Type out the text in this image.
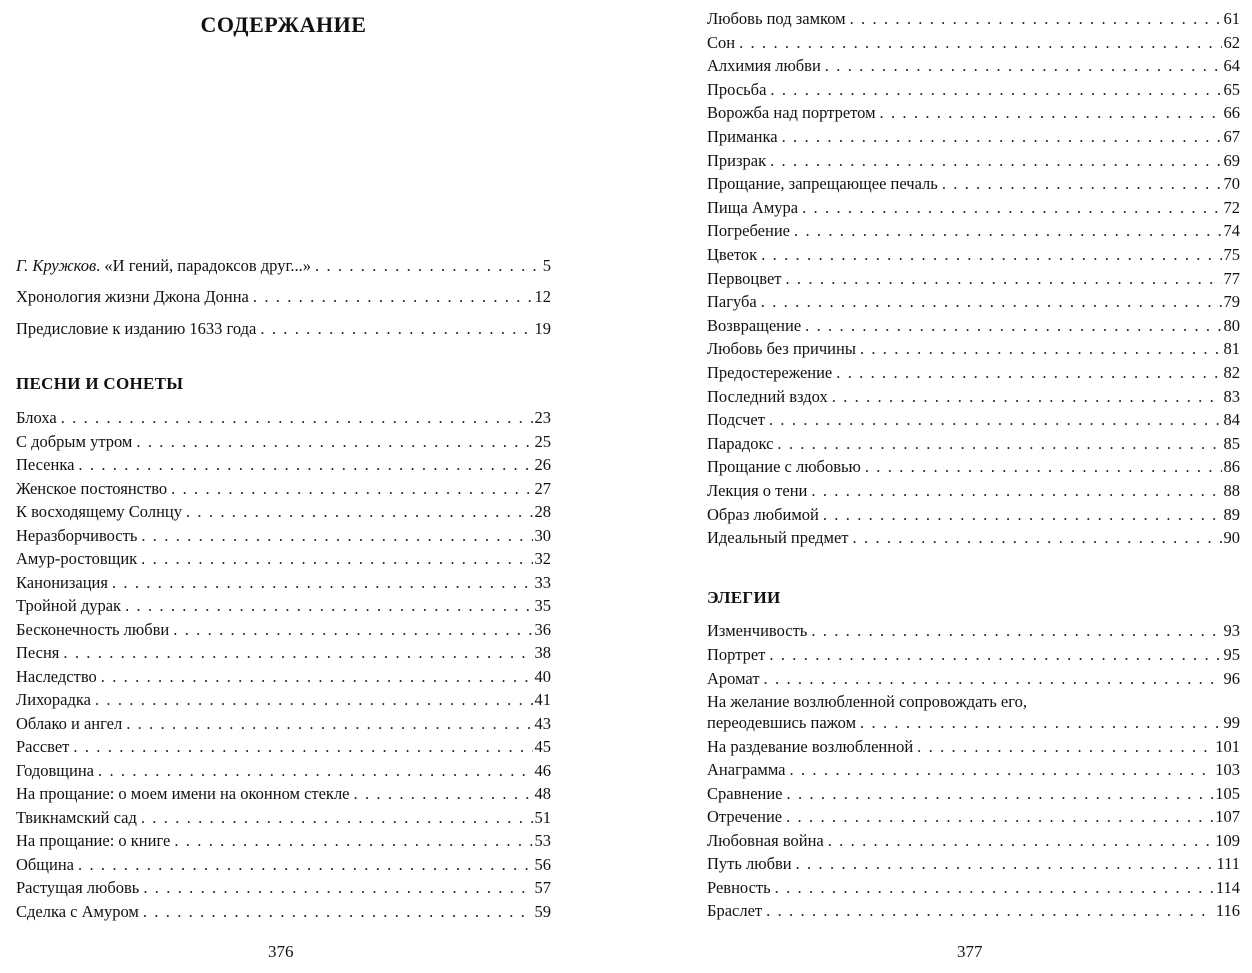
СОДЕРЖАНИЕ
Г. Кружков. «И гений, парадоксов друг...» . . .	5
Хронология жизни Джона Донна . . .	12
Предисловие к изданию 1633 года . . .	19
ПЕСНИ И СОНЕТЫ
Блоха . . .	23
С добрым утром . . .	25
Песенка . . .	26
Женское постоянство . . .	27
К восходящему Солнцу . . .	28
Неразборчивость . . .	30
Амур-ростовщик . . .	32
Канонизация . . .	33
Тройной дурак . . .	35
Бесконечность любви . . .	36
Песня . . .	38
Наследство . . .	40
Лихорадка . . .	41
Облако и ангел . . .	43
Рассвет . . .	45
Годовщина . . .	46
На прощание: о моем имени на оконном стекле . . .	48
Твикнамский сад . . .	51
На прощание: о книге . . .	53
Община . . .	56
Растущая любовь . . .	57
Сделка с Амуром . . .	59
376
Любовь под замком . . .	61
Сон . . .	62
Алхимия любви . . .	64
Просьба . . .	65
Ворожба над портретом . . .	66
Приманка . . .	67
Призрак . . .	69
Прощание, запрещающее печаль . . .	70
Пища Амура . . .	72
Погребение . . .	74
Цветок . . .	75
Первоцвет . . .	77
Пагуба . . .	79
Возвращение . . .	80
Любовь без причины . . .	81
Предостережение . . .	82
Последний вздох . . .	83
Подсчет . . .	84
Парадокс . . .	85
Прощание с любовью . . .	86
Лекция о тени . . .	88
Образ любимой . . .	89
Идеальный предмет . . .	90
ЭЛЕГИИ
Изменчивость . . .	93
Портрет . . .	95
Аромат . . .	96
На желание возлюбленной сопровождать его,
переодевшись пажом . . .	99
На раздевание возлюбленной . . .	101
Анаграмма . . .	103
Сравнение . . .	105
Отречение . . .	107
Любовная война . . .	109
Путь любви . . .	111
Ревность . . .	114
Браслет . . .	116
377
